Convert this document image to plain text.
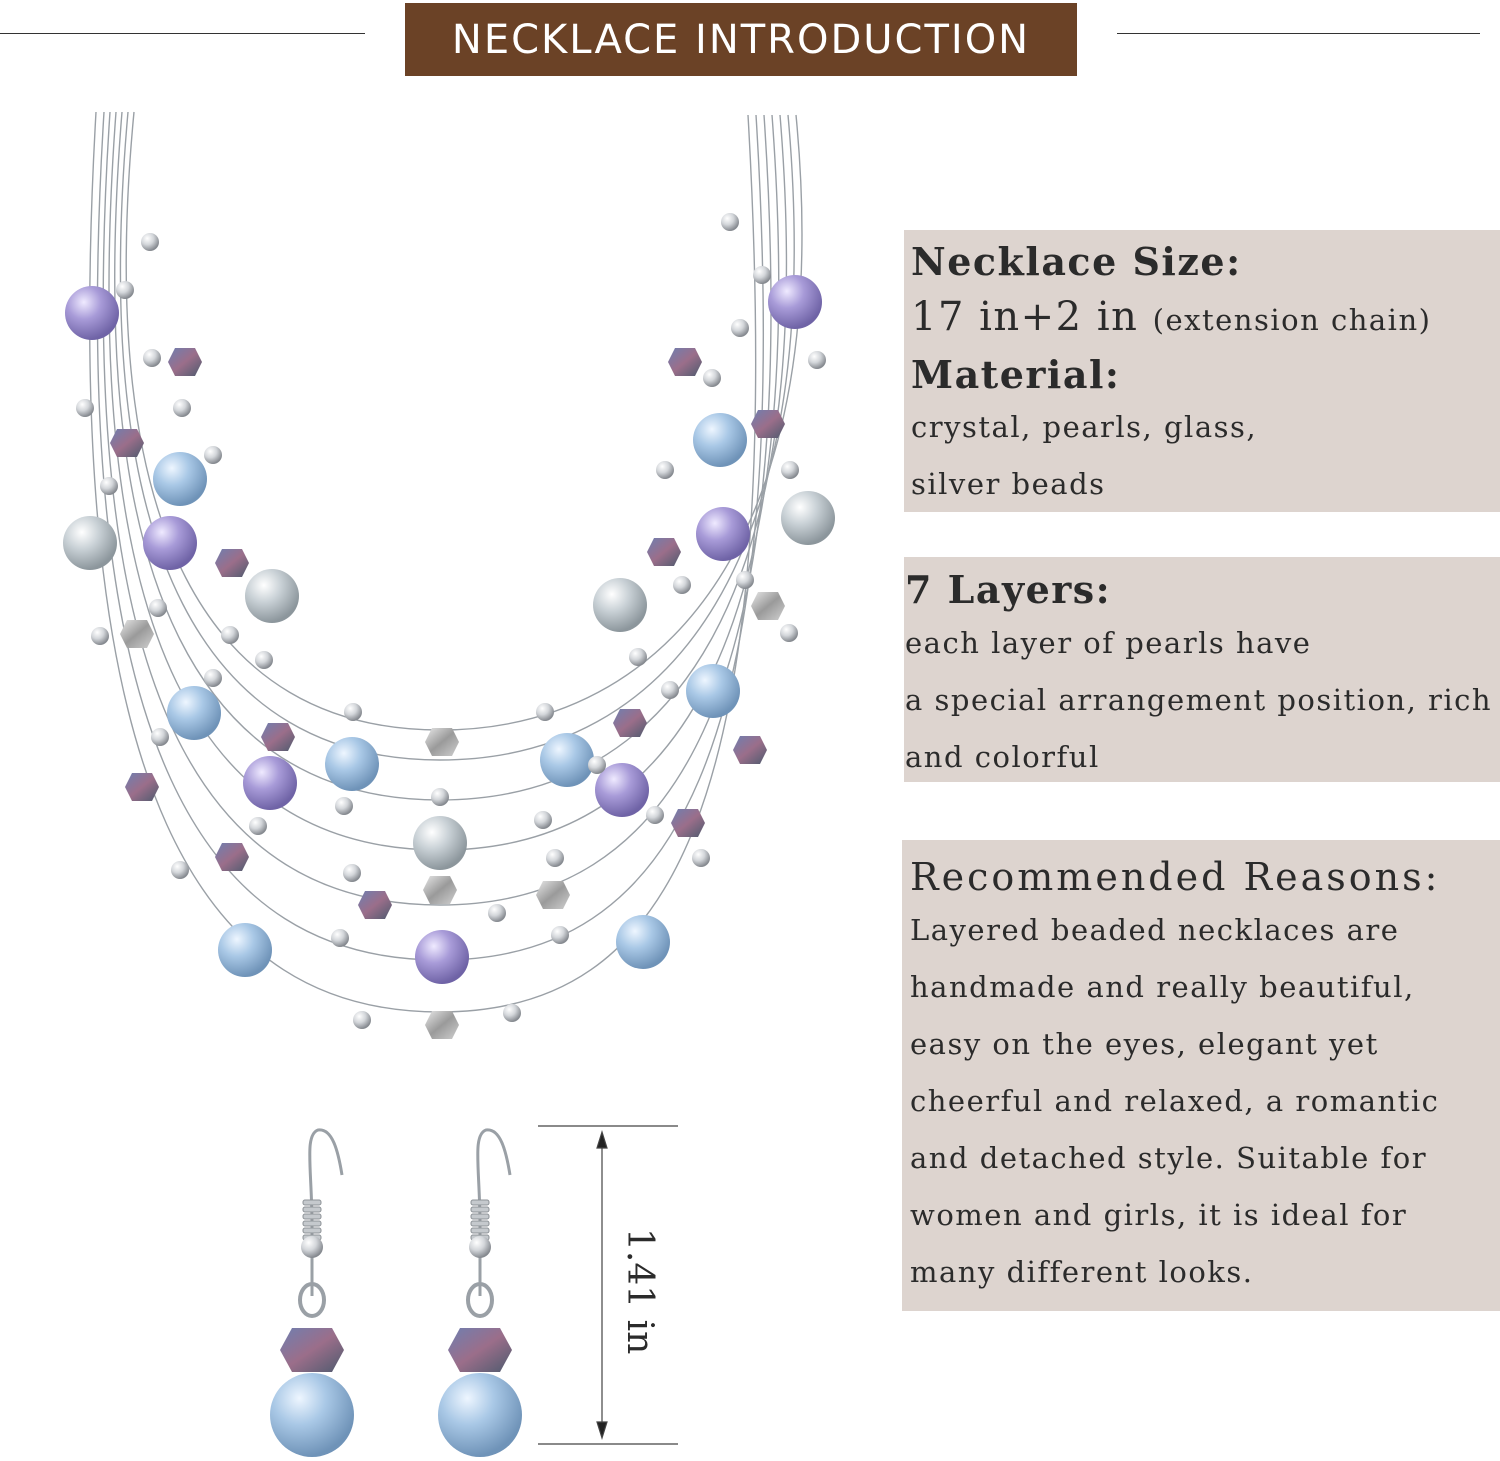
NECKLACE INTRODUCTION
1.41 in
Necklace Size:
17 in+2 in (extension chain)
Material:
crystal, pearls, glass,
silver beads
7 Layers:
each layer of pearls have
a special arrangement position, rich
and colorful
Recommended Reasons:
Layered beaded necklaces are
handmade and really beautiful,
easy on the eyes, elegant yet
cheerful and relaxed, a romantic
and detached style. Suitable for
women and girls, it is ideal for
many different looks.
